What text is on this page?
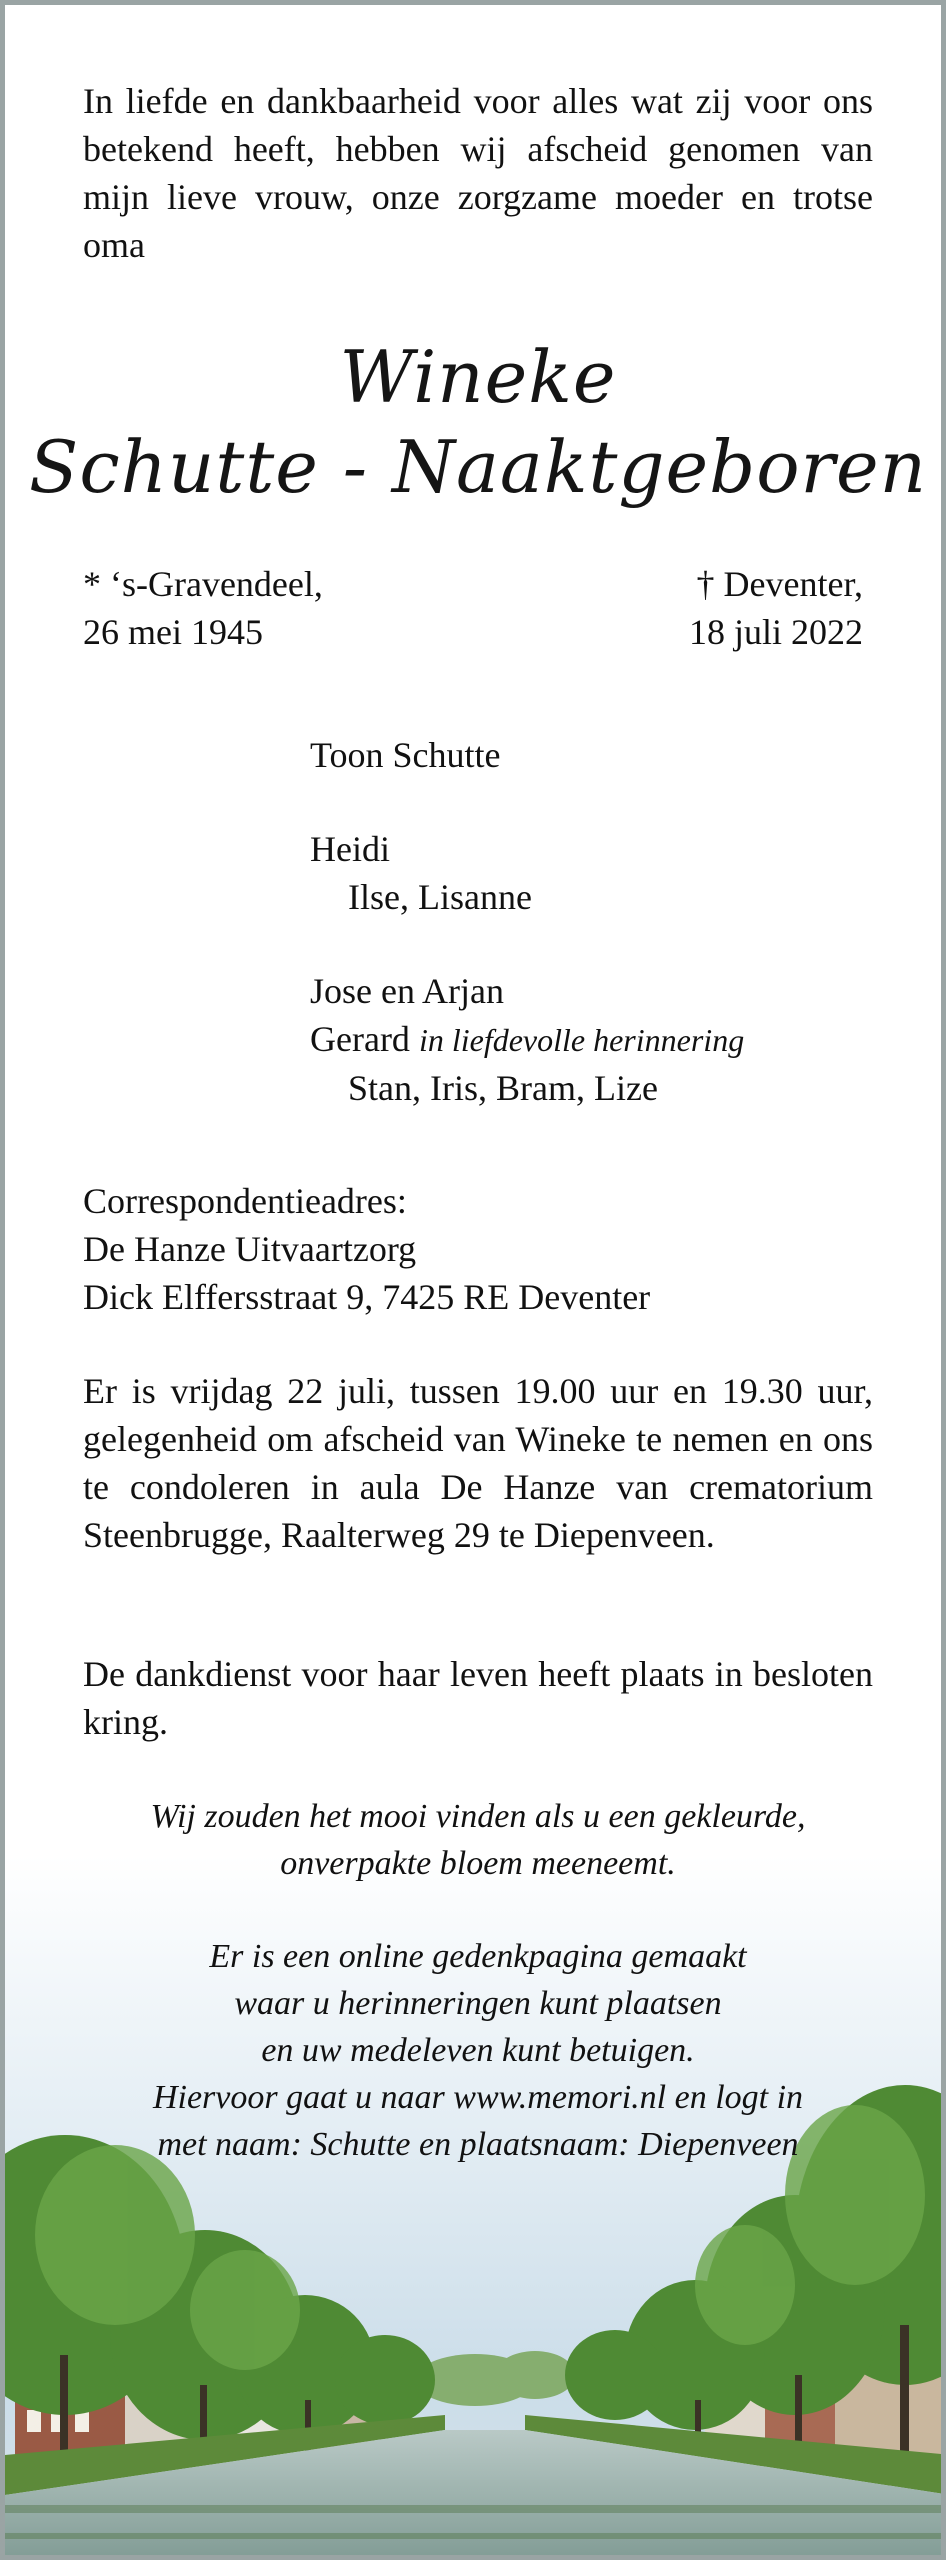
In liefde en dankbaarheid voor alles wat zij voor ons betekend heeft, hebben wij afscheid genomen van mijn lieve vrouw, onze zorgzame moeder en trotse oma
Wineke
Schutte - Naaktgeboren
* ‘s-Gravendeel,
26 mei 1945
† Deventer,
18 juli 2022
Toon Schutte
Heidi
Ilse, Lisanne
Jose en Arjan
Gerard in liefdevolle herinnering
Stan, Iris, Bram, Lize
Correspondentieadres:
De Hanze Uitvaartzorg
Dick Elffersstraat 9, 7425 RE Deventer
Er is vrijdag 22 juli, tussen 19.00 uur en 19.30 uur, gelegenheid om afscheid van Wineke te nemen en ons te condoleren in aula De Hanze van crematorium Steenbrugge, Raalterweg 29 te Diepenveen.
De dankdienst voor haar leven heeft plaats in besloten kring.
Wij zouden het mooi vinden als u een gekleurde,
onverpakte bloem meeneemt.
Er is een online gedenkpagina gemaakt
waar u herinneringen kunt plaatsen
en uw medeleven kunt betuigen.
Hiervoor gaat u naar www.memori.nl en logt in
met naam: Schutte en plaatsnaam: Diepenveen
